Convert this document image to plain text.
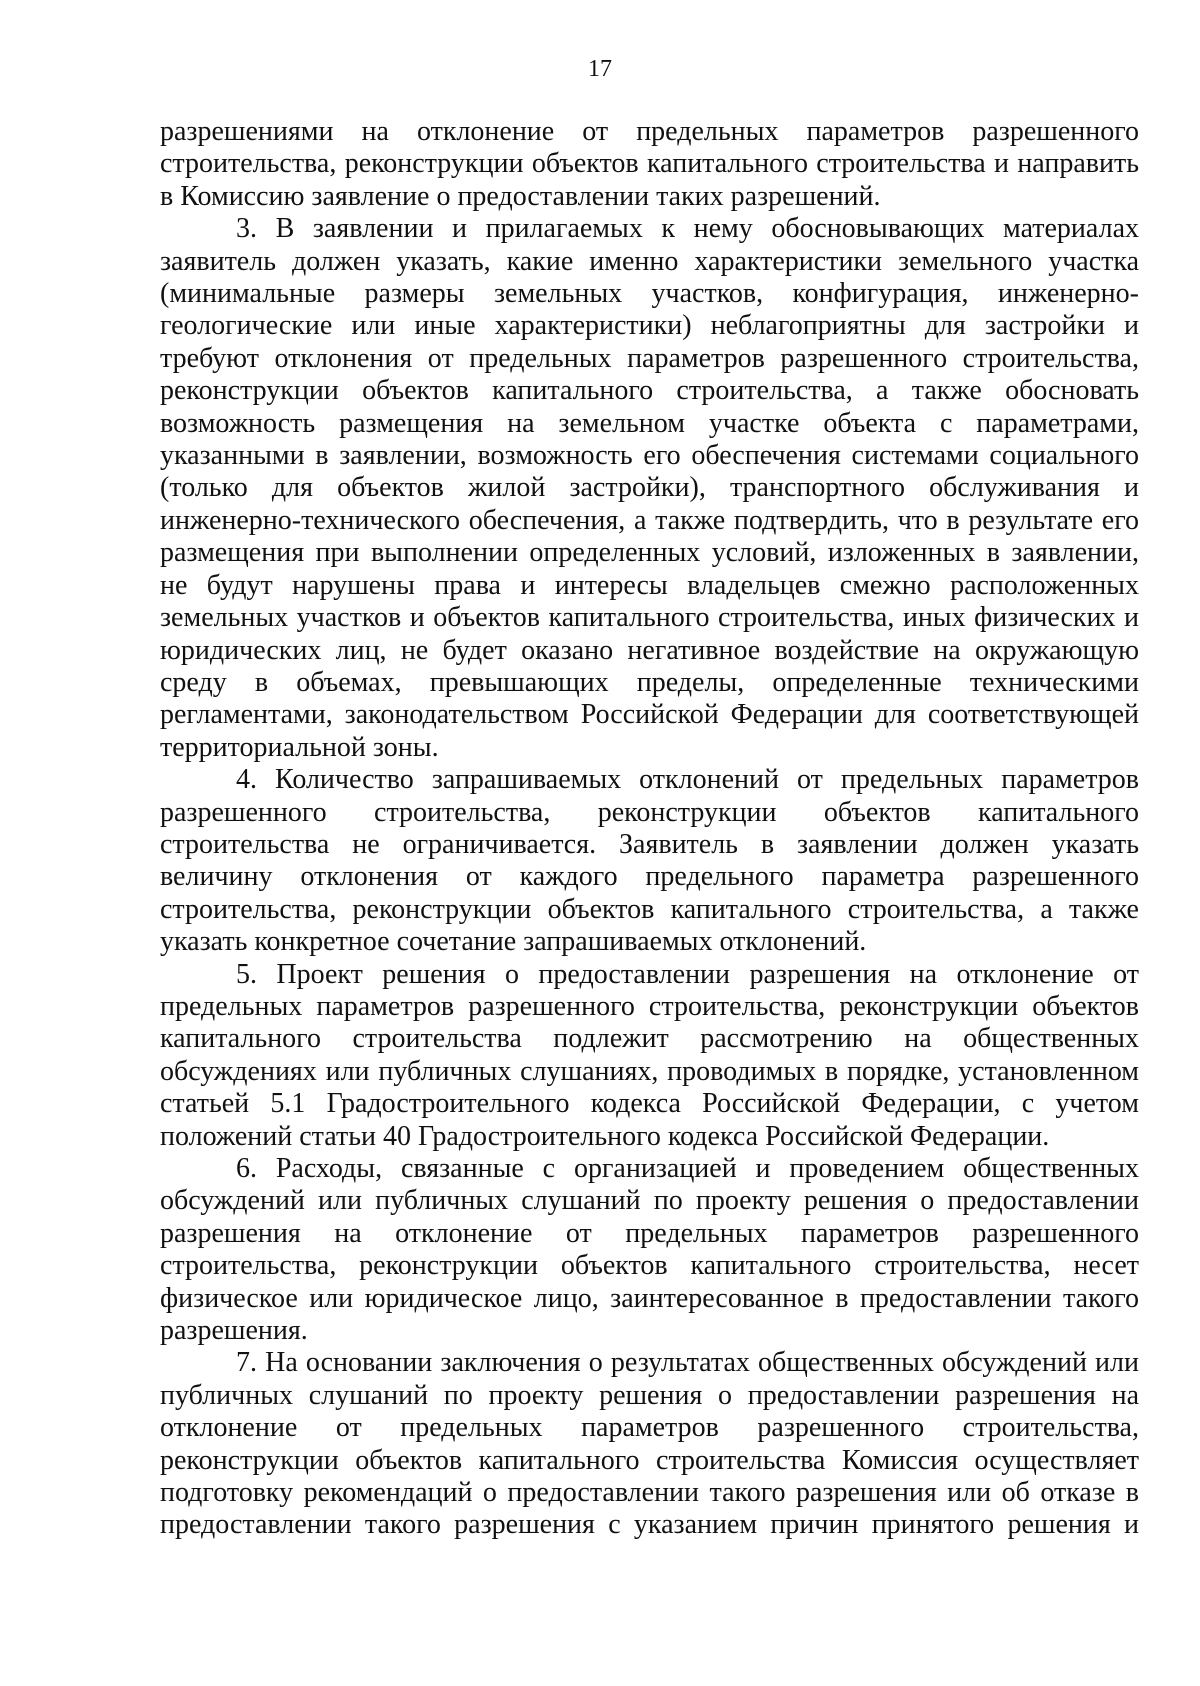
17

разрешениями на отклонение от предельных параметров разрешенного строительства, реконструкции объектов капитального строительства и направить в Комиссию заявление о предоставлении таких разрешений.

3. В заявлении и прилагаемых к нему обосновывающих материалах заявитель должен указать, какие именно характеристики земельного участка (минимальные размеры земельных участков, конфигурация, инженерно-геологические или иные характеристики) неблагоприятны для застройки и требуют отклонения от предельных параметров разрешенного строительства, реконструкции объектов капитального строительства, а также обосновать возможность размещения на земельном участке объекта с параметрами, указанными в заявлении, возможность его обеспечения системами социального (только для объектов жилой застройки), транспортного обслуживания и инженерно-технического обеспечения, а также подтвердить, что в результате его размещения при выполнении определенных условий, изложенных в заявлении, не будут нарушены права и интересы владельцев смежно расположенных земельных участков и объектов капитального строительства, иных физических и юридических лиц, не будет оказано негативное воздействие на окружающую среду в объемах, превышающих пределы, определенные техническими регламентами, законодательством Российской Федерации для соответствующей территориальной зоны.

4. Количество запрашиваемых отклонений от предельных параметров разрешенного строительства, реконструкции объектов капитального строительства не ограничивается. Заявитель в заявлении должен указать величину отклонения от каждого предельного параметра разрешенного строительства, реконструкции объектов капитального строительства, а также указать конкретное сочетание запрашиваемых отклонений.

5. Проект решения о предоставлении разрешения на отклонение от предельных параметров разрешенного строительства, реконструкции объектов капитального строительства подлежит рассмотрению на общественных обсуждениях или публичных слушаниях, проводимых в порядке, установленном статьей 5.1 Градостроительного кодекса Российской Федерации, с учетом положений статьи 40 Градостроительного кодекса Российской Федерации.

6. Расходы, связанные с организацией и проведением общественных обсуждений или публичных слушаний по проекту решения о предоставлении разрешения на отклонение от предельных параметров разрешенного строительства, реконструкции объектов капитального строительства, несет физическое или юридическое лицо, заинтересованное в предоставлении такого разрешения.

7. На основании заключения о результатах общественных обсуждений или публичных слушаний по проекту решения о предоставлении разрешения на отклонение от предельных параметров разрешенного строительства, реконструкции объектов капитального строительства Комиссия осуществляет подготовку рекомендаций о предоставлении такого разрешения или об отказе в предоставлении такого разрешения с указанием причин принятого решения и
